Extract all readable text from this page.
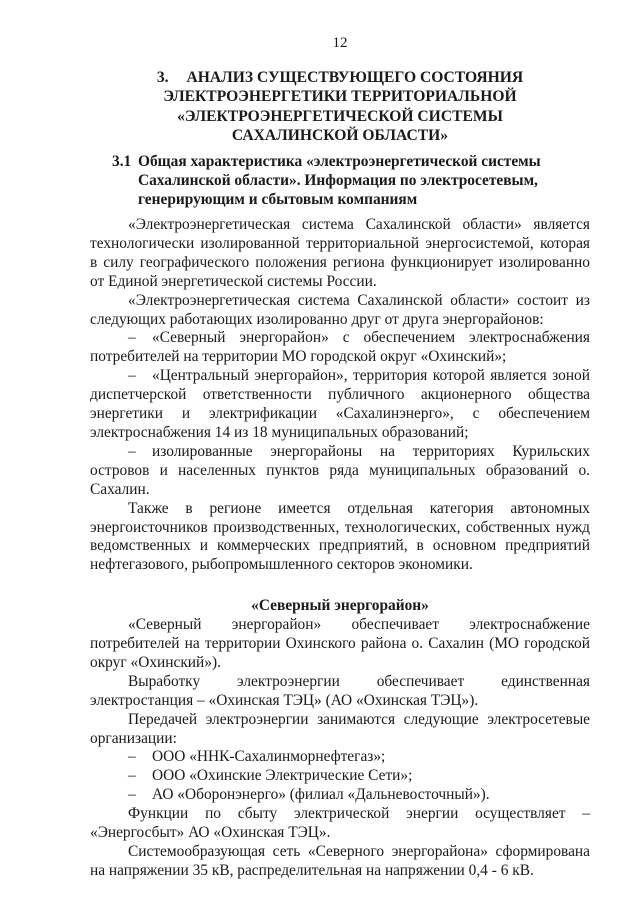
12
3. АНАЛИЗ СУЩЕСТВУЮЩЕГО СОСТОЯНИЯ
ЭЛЕКТРОЭНЕРГЕТИКИ ТЕРРИТОРИАЛЬНОЙ
«ЭЛЕКТРОЭНЕРГЕТИЧЕСКОЙ СИСТЕМЫ
САХАЛИНСКОЙ ОБЛАСТИ»
3.1 Общая характеристика «электроэнергетической системы Сахалинской области». Информация по электросетевым, генерирующим и сбытовым компаниям

«Электроэнергетическая система Сахалинской области» является технологически изолированной территориальной энергосистемой, которая в силу географического положения региона функционирует изолированно от Единой энергетической системы России.

«Электроэнергетическая система Сахалинской области» состоит из следующих работающих изолированно друг от друга энергорайонов:

– «Северный энергорайон» с обеспечением электроснабжения потребителей на территории МО городской округ «Охинский»;

– «Центральный энергорайон», территория которой является зоной диспетчерской ответственности публичного акционерного общества энергетики и электрификации «Сахалинэнерго», с обеспечением электроснабжения 14 из 18 муниципальных образований;

– изолированные энергорайоны на территориях Курильских островов и населенных пунктов ряда муниципальных образований о. Сахалин.

Также в регионе имеется отдельная категория автономных энергоисточников производственных, технологических, собственных нужд ведомственных и коммерческих предприятий, в основном предприятий нефтегазового, рыбопромышленного секторов экономики.

«Северный энергорайон»

«Северный энергорайон» обеспечивает электроснабжение потребителей на территории Охинского района о. Сахалин (МО городской округ «Охинский»).

Выработку электроэнергии обеспечивает единственная электростанция – «Охинская ТЭЦ» (АО «Охинская ТЭЦ»).

Передачей электроэнергии занимаются следующие электросетевые организации:

– ООО «ННК-Сахалинморнефтегаз»;

– ООО «Охинские Электрические Сети»;

– АО «Оборонэнерго» (филиал «Дальневосточный»).

Функции по сбыту электрической энергии осуществляет – «Энергосбыт» АО «Охинская ТЭЦ».

Системообразующая сеть «Северного энергорайона» сформирована на напряжении 35 кВ, распределительная на напряжении 0,4 - 6 кВ.
